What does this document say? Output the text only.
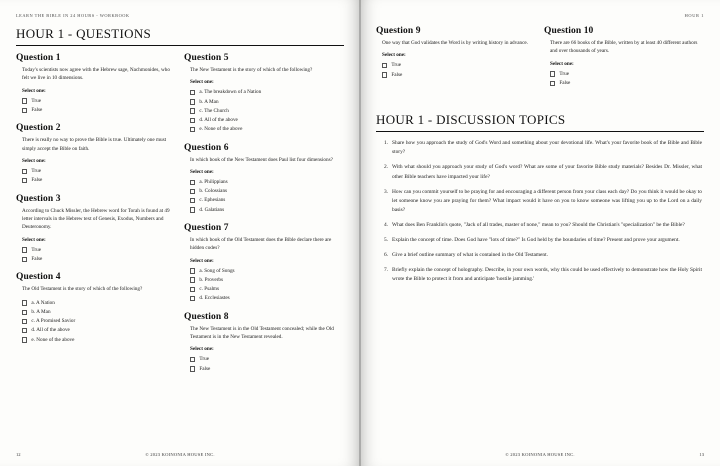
LEARN THE BIBLE IN 24 HOURS - WORKBOOK
HOUR 1 - QUESTIONS
Question 1

Today's scientists now agree with the Hebrew sage, Nachmonides, who felt we live in 10 dimensions.

Select one:
True
False
Question 2

There is really no way to prove the Bible is true. Ultimately one must simply accept the Bible on faith.

Select one:
True
False
Question 3

According to Chuck Missler, the Hebrew word for Torah is found at 49 letter intervals in the Hebrew text of Genesis, Exodus, Numbers and Deuteronomy.

Select one:
True
False
Question 4

The Old Testament is the story of which of the following?

a. A Nation
b. A Man
c. A Promised Savior
d. All of the above
e. None of the above
Question 5

The New Testament is the story of which of the following?

Select one:
a. The breakdown of a Nation
b. A Man
c. The Church
d. All of the above
e. None of the above
Question 6

In which book of the New Testament does Paul list four dimensions?

Select one:
a. Philippians
b. Colossians
c. Ephesians
d. Galatians
Question 7

In which book of the Old Testament does the Bible declare there are hidden codes?

Select one:
a. Song of Songs
b. Proverbs
c. Psalms
d. Ecclesiastes
Question 8

The New Testament is in the Old Testament concealed; while the Old Testament is in the New Testament revealed.

Select one:
True
False
12	© 2023 KOINONIA HOUSE INC.
HOUR 1
Question 9

One way that God validates the Word is by writing history in advance.

Select one:
True
False
Question 10

There are 66 books of the Bible, written by at least 40 different authors and over thousands of years.

Select one:
True
False
HOUR 1 - DISCUSSION TOPICS
1. Share how you approach the study of God's Word and something about your devotional life. What's your favorite book of the Bible and Bible story?
2. With what should you approach your study of God's word? What are some of your favorite Bible study materials? Besides Dr. Missler, what other Bible teachers have impacted your life?
3. How can you commit yourself to be praying for and encouraging a different person from your class each day? Do you think it would be okay to let someone know you are praying for them? What impact would it have on you to know someone was lifting you up to the Lord on a daily basis?
4. What does Ben Franklin's quote, "Jack of all trades, master of none," mean to you? Should the Christian's "specialization" be the Bible?
5. Explain the concept of time. Does God have "lots of time?" Is God held by the boundaries of time? Present and prove your argument.
6. Give a brief outline summary of what is contained in the Old Testament.
7. Briefly explain the concept of holography. Describe, in your own words, why this could be used effectively to demonstrate how the Holy Spirit wrote the Bible to protect it from and anticipate 'hostile jamming.'
© 2023 KOINONIA HOUSE INC.	13
